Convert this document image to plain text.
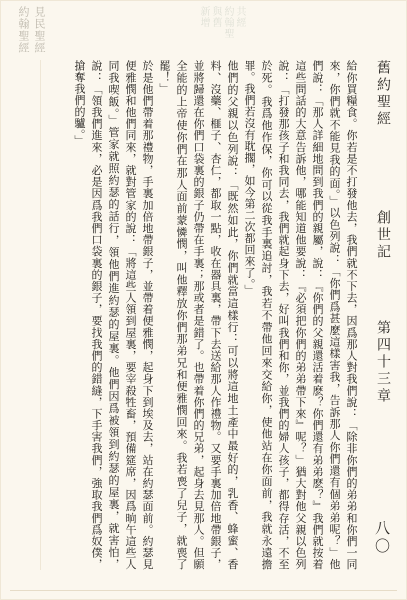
約翰聖經 見民聖經	新增 與舊 約翰聖 共經
舊約聖經
創世記
第四十三章
八〇

給你買糧食。你若是不打發他去，我們就不下去，因爲那人對我們說：「除非你們的弟弟和你們一同來，你們就不能見我的面。」以色列說：「你們爲甚麼這樣害我，告訴那人你們還有個弟弟呢？」他們說：「那人詳細地問到我們的親屬，說：『你們的父親還活着麽？你們還有弟弟麽？』我們就按着這些問話的大意告訴他，哪能知道他要說：『必須把你們的弟弟帶下來』呢？」猶大對他父親以色列說：「打發那孩子和我同去，我們就起身下去，好叫我們和你，並我們的婦人孩子，都得存活，不至於死。我爲他作保，你可以從我手裏追討，我若不帶他回來交給你，使他站在你面前，我就永遠擔罪。我們若沒有耽擱，如今第二次都回來了。」

他們的父親以色列說：「既然如此，你們就當這樣行：可以將這地土產中最好的，乳香、蜂蜜、香料、沒藥、榧子、杏仁，都取一點，收在器具裏，帶下去送給那人作禮物。又要手裏加倍地帶銀子，並將歸還在你們口袋裏的銀子仍帶在手裏；那或者是錯了。也帶着你們的兄弟，起身去見那人。但願全能的上帝使你們在那人面前蒙憐憫，叫他釋放你們那弟兄和便雅憫回來。我若喪了兒子，就喪了罷！」

於是他們帶着那禮物，手裏加倍地帶銀子，並帶着便雅憫，起身下到埃及去，站在約瑟面前。約瑟見便雅憫和他們同來，就對管家的說：「將這些人領到屋裏，要宰殺牲畜，預備筵席，因爲晌午這些人同我喫飯。」管家就照約瑟的話行，領他們進約瑟的屋裏。他們因爲被領到約瑟的屋裏，就害怕，說：「領我們進來，必是因爲我們口袋裏的銀子，要找我們的錯縫，下手害我們，強取我們爲奴僕，搶奪我們的驢。」
